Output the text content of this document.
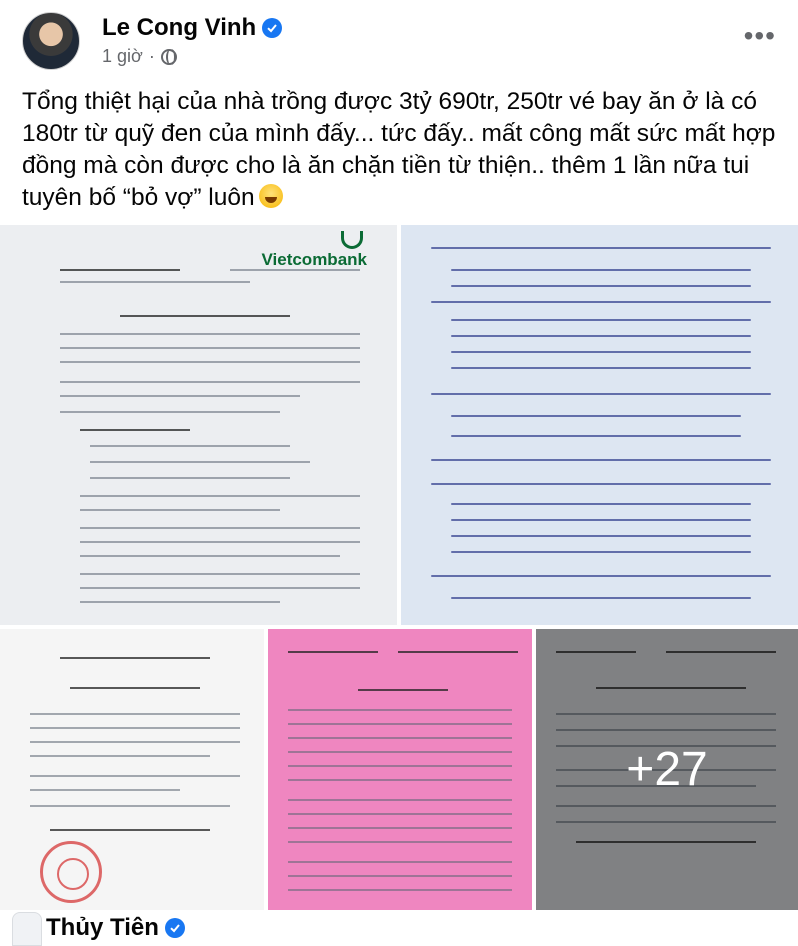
Le Cong Vinh
1 giờ ·
•••
Tổng thiệt hại của nhà trồng được 3tỷ 690tr, 250tr vé bay ăn ở là có 180tr từ quỹ đen của mình đấy... tức đấy.. mất công mất sức mất hợp đồng mà còn được cho là ăn chặn tiền từ thiện.. thêm 1 lần nữa tui tuyên bố “bỏ vợ” luôn
Vietcombank
+27
Thủy Tiên
